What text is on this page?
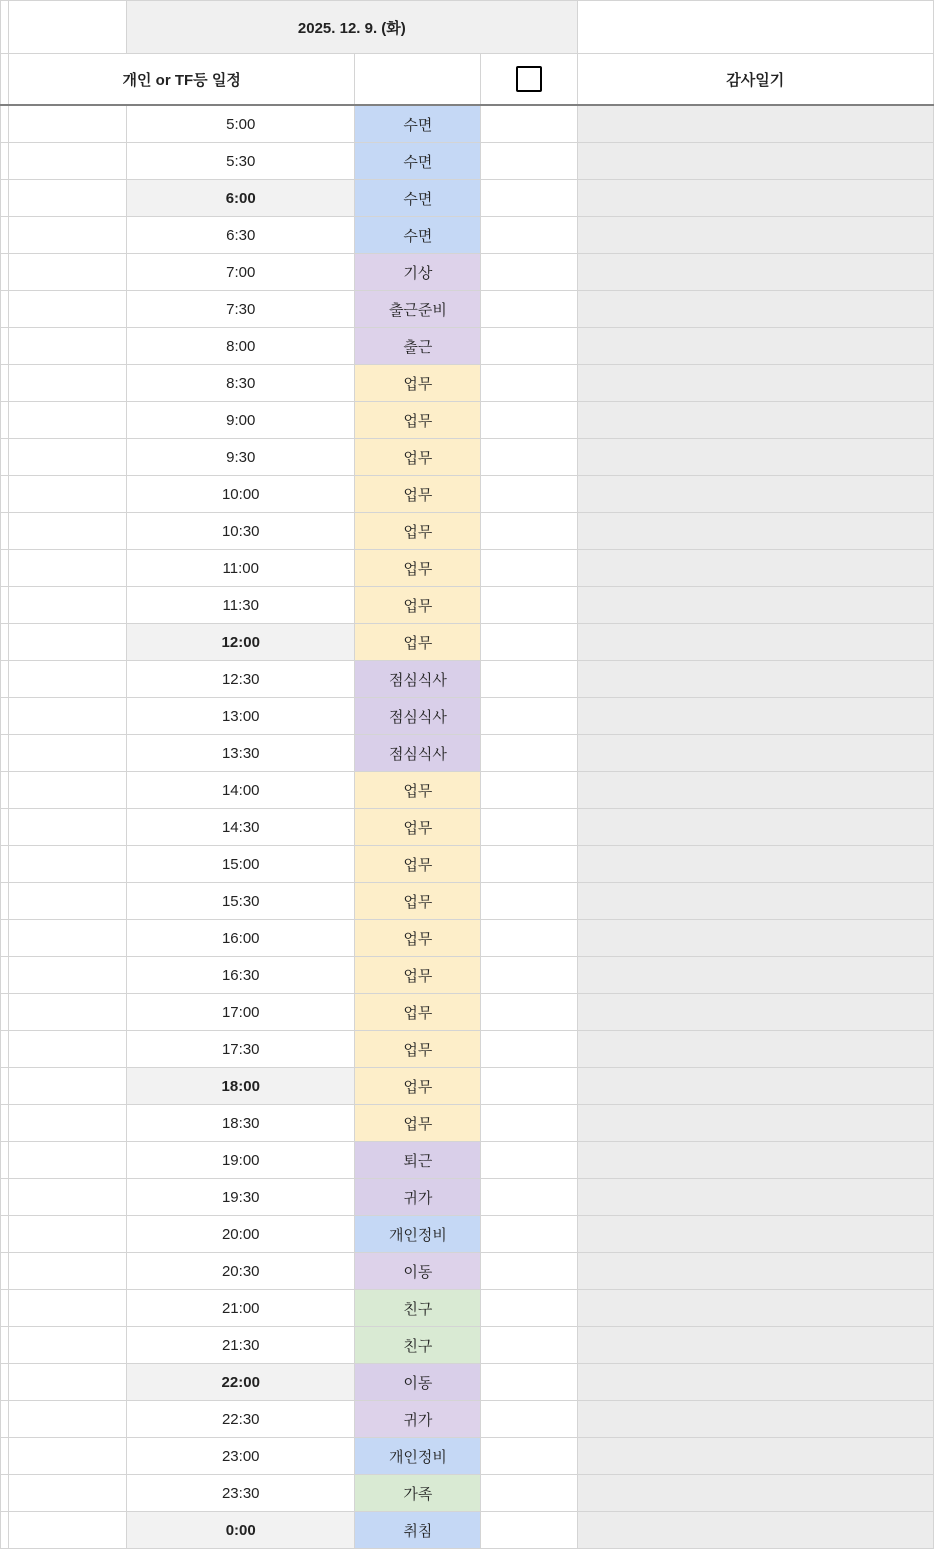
		2025. 12. 9. (화)			
	개인 or TF등 일정				감사일기
		5:00	수면		
		5:30	수면		
		6:00	수면		
		6:30	수면		
		7:00	기상		
		7:30	출근준비		
		8:00	출근		
		8:30	업무		
		9:00	업무		
		9:30	업무		
		10:00	업무		
		10:30	업무		
		11:00	업무		
		11:30	업무		
		12:00	업무		
		12:30	점심식사		
		13:00	점심식사		
		13:30	점심식사		
		14:00	업무		
		14:30	업무		
		15:00	업무		
		15:30	업무		
		16:00	업무		
		16:30	업무		
		17:00	업무		
		17:30	업무		
		18:00	업무		
		18:30	업무		
		19:00	퇴근		
		19:30	귀가		
		20:00	개인정비		
		20:30	이동		
		21:00	친구		
		21:30	친구		
		22:00	이동		
		22:30	귀가		
		23:00	개인정비		
		23:30	가족		
		0:00	취침		
